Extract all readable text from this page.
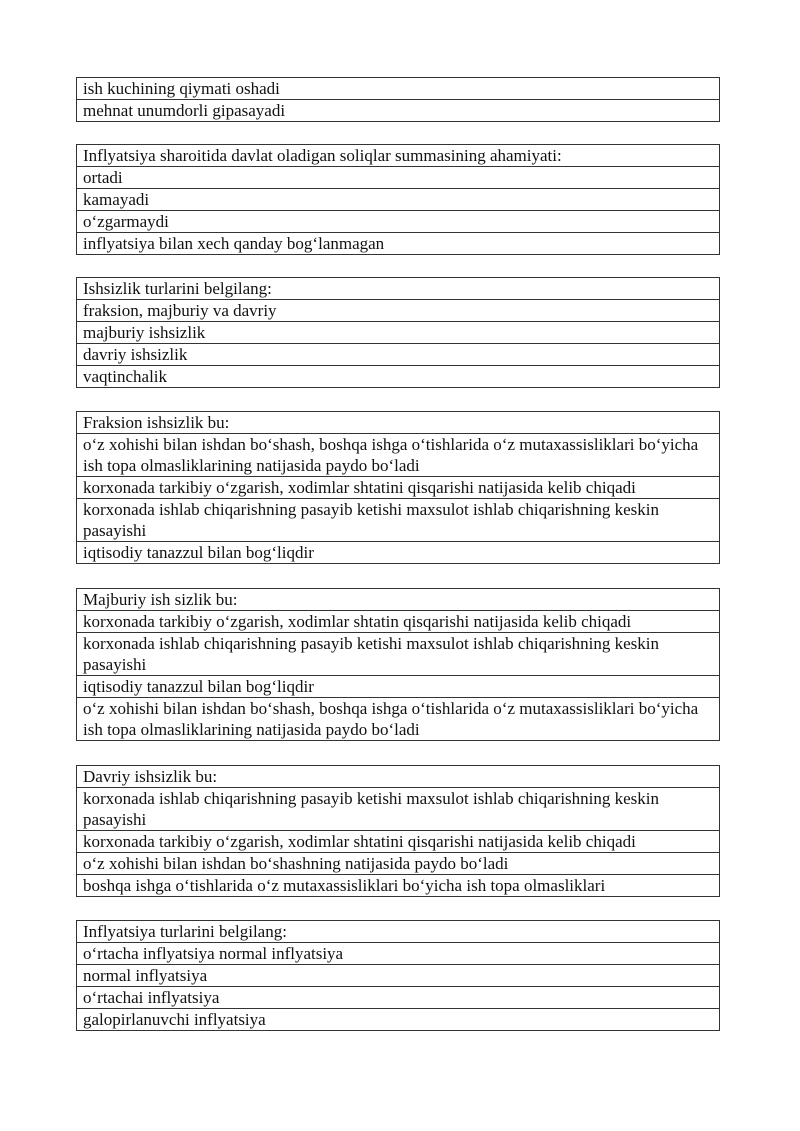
ish kuchining qiymati oshadi
mehnat unumdorli gipasayadi
Inflyatsiya sharoitida davlat oladigan soliqlar summasining ahamiyati:
ortadi
kamayadi
o‘zgarmaydi
inflyatsiya bilan xech qanday bog‘lanmagan
Ishsizlik turlarini belgilang:
fraksion, majburiy va davriy
majburiy ishsizlik
davriy ishsizlik
vaqtinchalik
Fraksion ishsizlik bu:
o‘z xohishi bilan ishdan bo‘shash, boshqa ishga o‘tishlarida o‘z mutaxassisliklari bo‘yicha ish topa olmasliklarining natijasida paydo bo‘ladi
korxonada tarkibiy o‘zgarish, xodimlar shtatini qisqarishi natijasida kelib chiqadi
korxonada ishlab chiqarishning pasayib ketishi maxsulot ishlab chiqarishning keskin pasayishi
iqtisodiy tanazzul bilan bog‘liqdir
Majburiy ish sizlik bu:
korxonada tarkibiy o‘zgarish, xodimlar shtatin qisqarishi natijasida kelib chiqadi
korxonada ishlab chiqarishning pasayib ketishi maxsulot ishlab chiqarishning keskin pasayishi
iqtisodiy tanazzul bilan bog‘liqdir
o‘z xohishi bilan ishdan bo‘shash, boshqa ishga o‘tishlarida o‘z mutaxassisliklari bo‘yicha ish topa olmasliklarining natijasida paydo bo‘ladi
Davriy ishsizlik bu:
korxonada ishlab chiqarishning pasayib ketishi maxsulot ishlab chiqarishning keskin pasayishi
korxonada tarkibiy o‘zgarish, xodimlar shtatini qisqarishi natijasida kelib chiqadi
o‘z xohishi bilan ishdan bo‘shashning natijasida paydo bo‘ladi
boshqa ishga o‘tishlarida o‘z mutaxassisliklari bo‘yicha ish topa olmasliklari
Inflyatsiya turlarini belgilang:
o‘rtacha inflyatsiya normal inflyatsiya
normal inflyatsiya
o‘rtachai inflyatsiya
galopirlanuvchi inflyatsiya
